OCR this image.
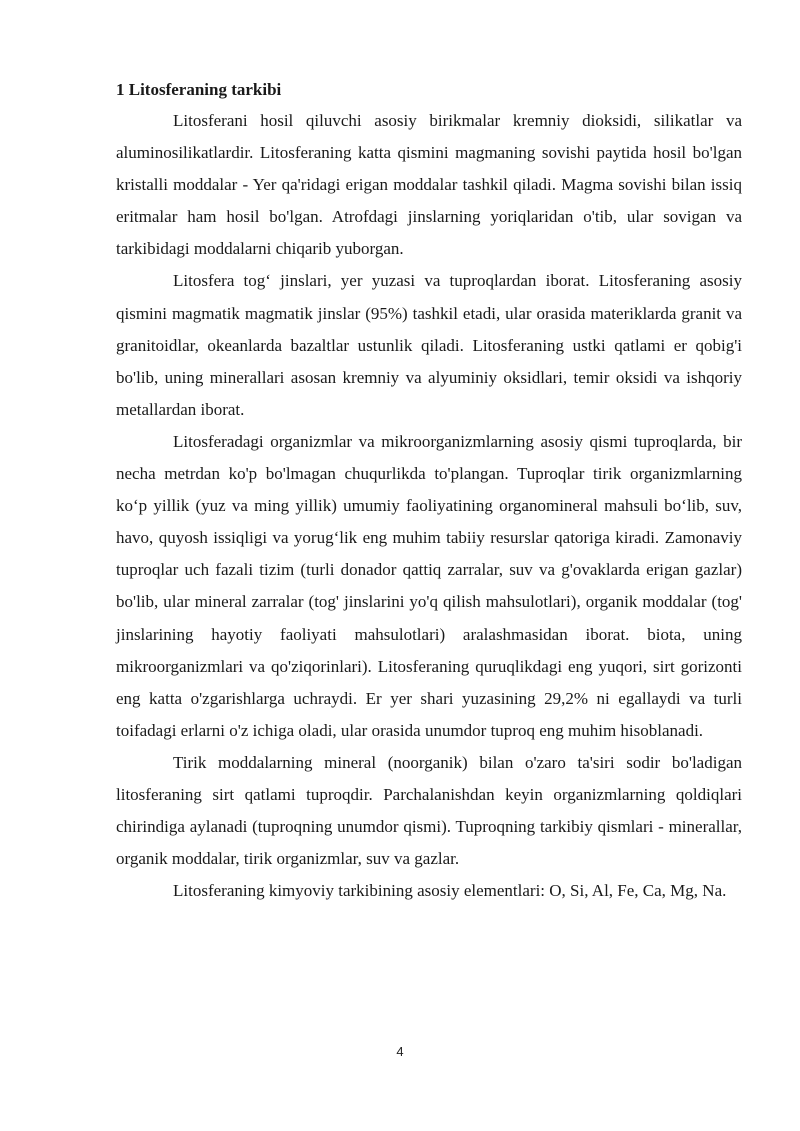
1 Litosferaning tarkibi

Litosferani hosil qiluvchi asosiy birikmalar kremniy dioksidi, silikatlar va aluminosilikatlardir. Litosferaning katta qismini magmaning sovishi paytida hosil bo'lgan kristalli moddalar - Yer qa'ridagi erigan moddalar tashkil qiladi. Magma sovishi bilan issiq eritmalar ham hosil bo'lgan. Atrofdagi jinslarning yoriqlaridan o'tib, ular sovigan va tarkibidagi moddalarni chiqarib yuborgan.

Litosfera tog‘ jinslari, yer yuzasi va tuproqlardan iborat. Litosferaning asosiy qismini magmatik magmatik jinslar (95%) tashkil etadi, ular orasida materiklarda granit va granitoidlar, okeanlarda bazaltlar ustunlik qiladi. Litosferaning ustki qatlami er qobig'i bo'lib, uning minerallari asosan kremniy va alyuminiy oksidlari, temir oksidi va ishqoriy metallardan iborat.

Litosferadagi organizmlar va mikroorganizmlarning asosiy qismi tuproqlarda, bir necha metrdan ko'p bo'lmagan chuqurlikda to'plangan. Tuproqlar tirik organizmlarning ko‘p yillik (yuz va ming yillik) umumiy faoliyatining organomineral mahsuli bo‘lib, suv, havo, quyosh issiqligi va yorug‘lik eng muhim tabiiy resurslar qatoriga kiradi. Zamonaviy tuproqlar uch fazali tizim (turli donador qattiq zarralar, suv va g'ovaklarda erigan gazlar) bo'lib, ular mineral zarralar (tog' jinslarini yo'q qilish mahsulotlari), organik moddalar (tog' jinslarining hayotiy faoliyati mahsulotlari) aralashmasidan iborat. biota, uning mikroorganizmlari va qo'ziqorinlari). Litosferaning quruqlikdagi eng yuqori, sirt gorizonti eng katta o'zgarishlarga uchraydi. Er yer shari yuzasining 29,2% ni egallaydi va turli toifadagi erlarni o'z ichiga oladi, ular orasida unumdor tuproq eng muhim hisoblanadi.

Tirik moddalarning mineral (noorganik) bilan o'zaro ta'siri sodir bo'ladigan litosferaning sirt qatlami tuproqdir. Parchalanishdan keyin organizmlarning qoldiqlari chirindiga aylanadi (tuproqning unumdor qismi). Tuproqning tarkibiy qismlari - minerallar, organik moddalar, tirik organizmlar, suv va gazlar.

Litosferaning kimyoviy tarkibining asosiy elementlari: O, Si, Al, Fe, Ca, Mg, Na.

4
